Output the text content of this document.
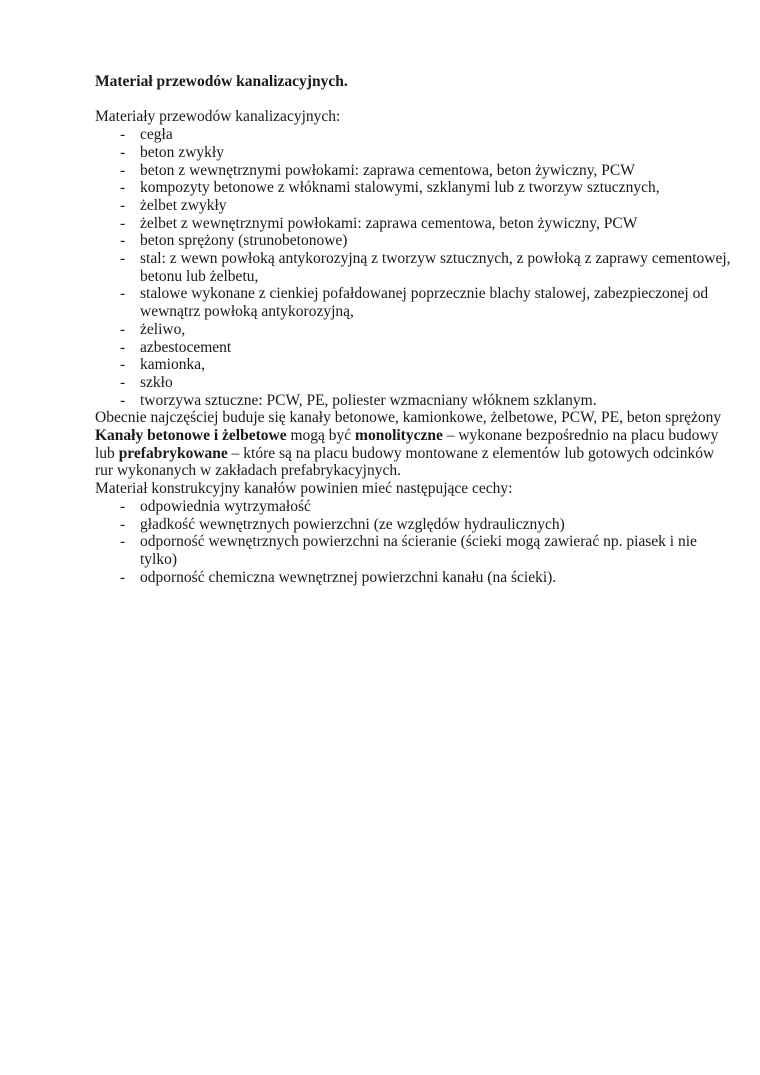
Materiał przewodów kanalizacyjnych.

Materiały przewodów kanalizacyjnych:

- cegła
- beton zwykły
- beton z wewnętrznymi powłokami: zaprawa cementowa, beton żywiczny, PCW
- kompozyty betonowe z włóknami stalowymi, szklanymi lub z tworzyw sztucznych,
- żelbet zwykły
- żelbet z wewnętrznymi powłokami: zaprawa cementowa, beton żywiczny, PCW
- beton sprężony (strunobetonowe)
- stal: z wewn powłoką antykorozyjną z tworzyw sztucznych, z powłoką z zaprawy cementowej, betonu lub żelbetu,
- stalowe wykonane z cienkiej pofałdowanej poprzecznie blachy stalowej, zabezpieczonej od wewnątrz powłoką antykorozyjną,
- żeliwo,
- azbestocement
- kamionka,
- szkło
- tworzywa sztuczne: PCW, PE, poliester wzmacniany włóknem szklanym.

Obecnie najczęściej buduje się kanały betonowe, kamionkowe, żelbetowe, PCW, PE, beton sprężony

Kanały betonowe i żelbetowe mogą być monolityczne – wykonane bezpośrednio na placu budowy lub prefabrykowane – które są na placu budowy montowane z elementów lub gotowych odcinków rur wykonanych w zakładach prefabrykacyjnych.

Materiał konstrukcyjny kanałów powinien mieć następujące cechy:

- odpowiednia wytrzymałość
- gładkość wewnętrznych powierzchni (ze względów hydraulicznych)
- odporność wewnętrznych powierzchni na ścieranie (ścieki mogą zawierać np. piasek i nie tylko)
- odporność chemiczna wewnętrznej powierzchni kanału (na ścieki).
